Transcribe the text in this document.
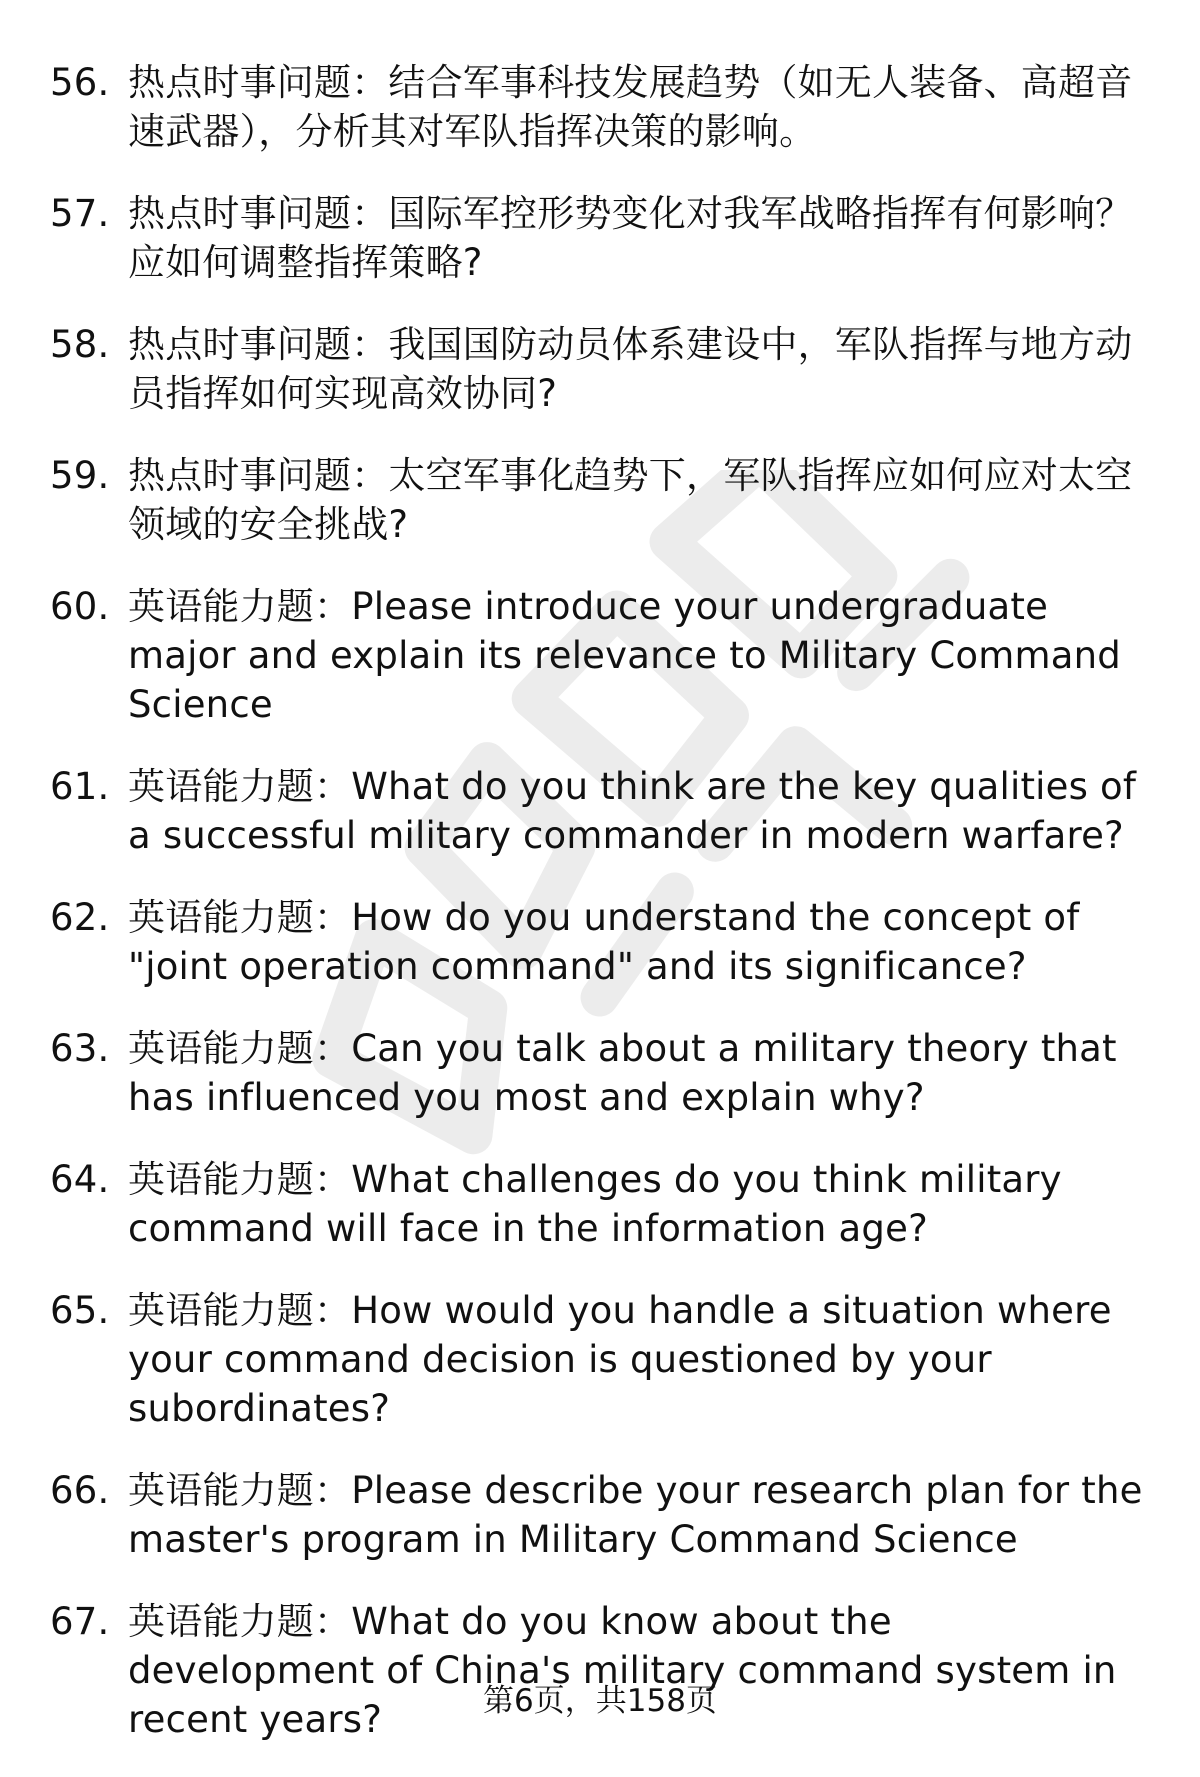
56. 热点时事问题：结合军事科技发展趋势（如无人装备、高超音速武器），分析其对军队指挥决策的影响。
57. 热点时事问题：国际军控形势变化对我军战略指挥有何影响？应如何调整指挥策略?
58. 热点时事问题：我国国防动员体系建设中，军队指挥与地方动员指挥如何实现高效协同?
59. 热点时事问题：太空军事化趋势下，军队指挥应如何应对太空领域的安全挑战?
60. 英语能力题：Please introduce your undergraduate major and explain its relevance to Military Command Science
61. 英语能力题：What do you think are the key qualities of a successful military commander in modern warfare?
62. 英语能力题：How do you understand the concept of "joint operation command" and its significance?
63. 英语能力题：Can you talk about a military theory that has influenced you most and explain why?
64. 英语能力题：What challenges do you think military command will face in the information age?
65. 英语能力题：How would you handle a situation where your command decision is questioned by your subordinates?
66. 英语能力题：Please describe your research plan for the master's program in Military Command Science
67. 英语能力题：What do you know about the development of China's military command system in recent years?	第6页，共158页
